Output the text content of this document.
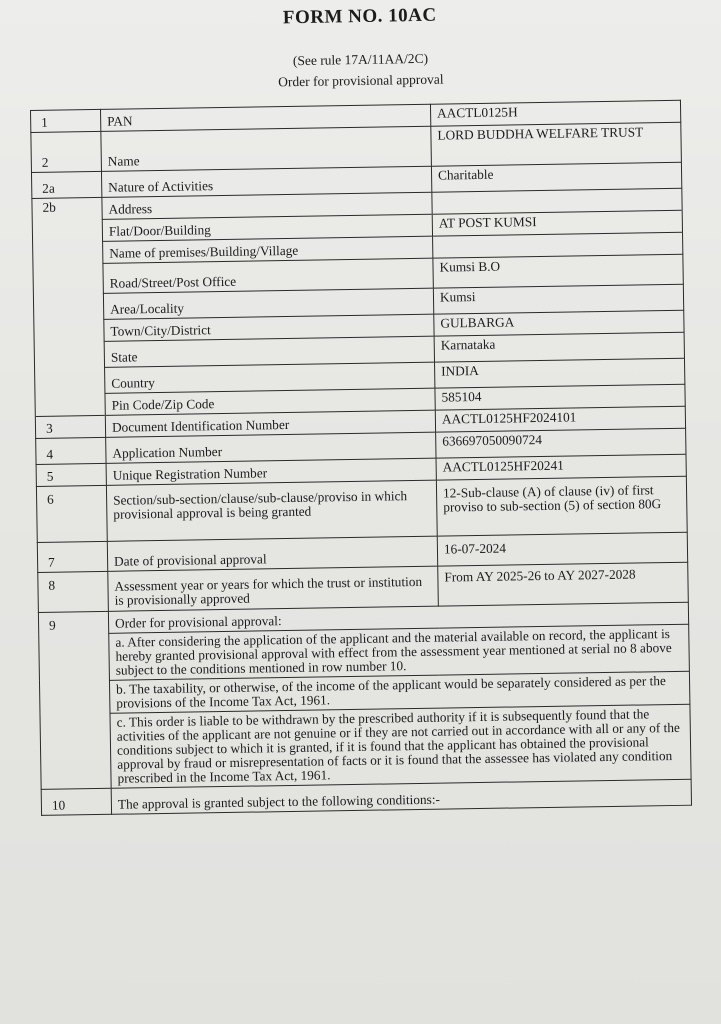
FORM NO. 10AC
(See rule 17A/11AA/2C)
Order for provisional approval
1	PAN	AACTL0125H
2	Name	LORD BUDDHA WELFARE TRUST
2a	Nature of Activities	Charitable
2b	Address	
	Flat/Door/Building	AT POST KUMSI
	Name of premises/Building/Village	
	Road/Street/Post Office	Kumsi B.O
	Area/Locality	Kumsi
	Town/City/District	GULBARGA
	State	Karnataka
	Country	INDIA
	Pin Code/Zip Code	585104
3	Document Identification Number	AACTL0125HF2024101
4	Application Number	636697050090724
5	Unique Registration Number	AACTL0125HF20241
6	Section/sub-section/clause/sub-clause/proviso in which provisional approval is being granted	12-Sub-clause (A) of clause (iv) of first proviso to sub-section (5) of section 80G
7	Date of provisional approval	16-07-2024
8	Assessment year or years for which the trust or institution is provisionally approved	From AY 2025-26 to AY 2027-2028
9	Order for provisional approval:	
	a. After considering the application of the applicant and the material available on record, the applicant is hereby granted provisional approval with effect from the assessment year mentioned at serial no 8 above subject to the conditions mentioned in row number 10.	
	b. The taxability, or otherwise, of the income of the applicant would be separately considered as per the provisions of the Income Tax Act, 1961.	
	c. This order is liable to be withdrawn by the prescribed authority if it is subsequently found that the activities of the applicant are not genuine or if they are not carried out in accordance with all or any of the conditions subject to which it is granted, if it is found that the applicant has obtained the provisional approval by fraud or misrepresentation of facts or it is found that the assessee has violated any condition prescribed in the Income Tax Act, 1961.	
10	The approval is granted subject to the following conditions:-	
